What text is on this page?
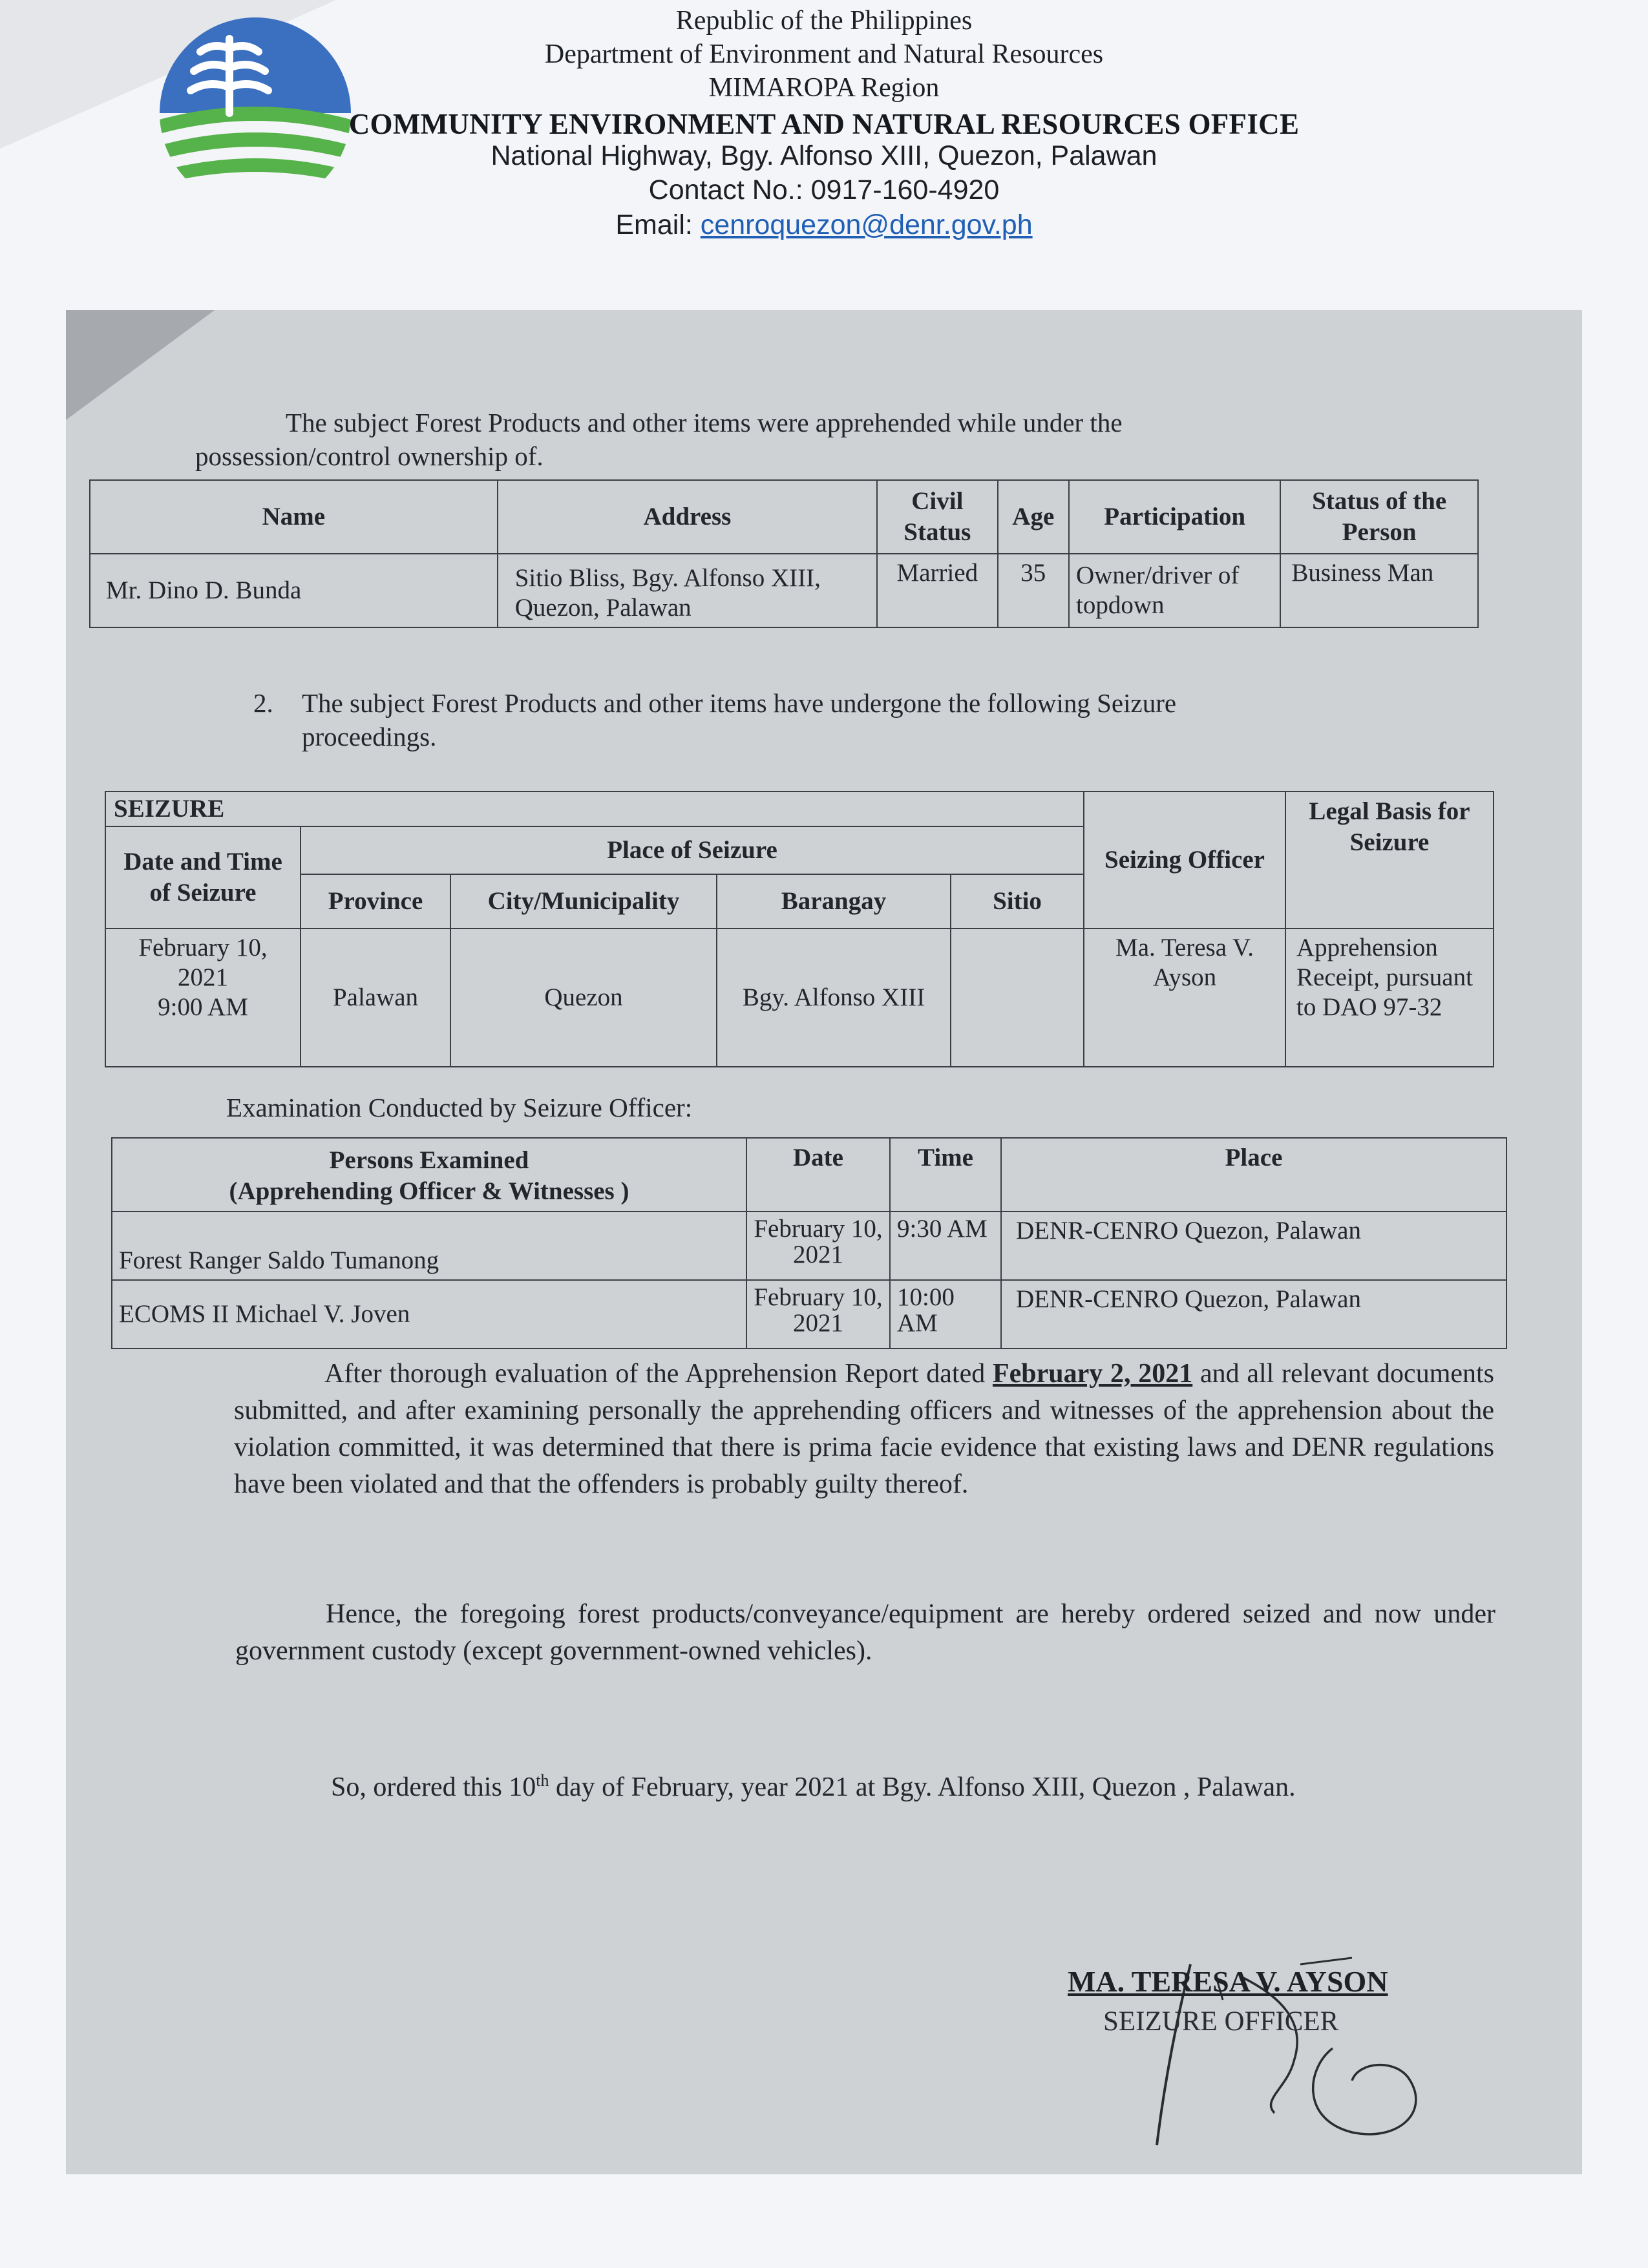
Republic of the Philippines
Department of Environment and Natural Resources
MIMAROPA Region
COMMUNITY ENVIRONMENT AND NATURAL RESOURCES OFFICE
National Highway, Bgy. Alfonso XIII, Quezon, Palawan
Contact No.: 0917-160-4920
Email: cenroquezon@denr.gov.ph
The subject Forest Products and other items were apprehended while under the
possession/control ownership of.
Name	Address	Civil Status	Age	Participation	Status of the Person
Mr. Dino D. Bunda	Sitio Bliss, Bgy. Alfonso XIII, Quezon, Palawan	Married	35	Owner/driver of topdown	Business Man
2. The subject Forest Products and other items have undergone the following Seizure
proceedings.
SEIZURE					Seizing Officer	Legal Basis for Seizure
Date and Time of Seizure	Place of Seizure					
	Province	City/Municipality	Barangay	Sitio		

February 10,
2021
9:00 AM	Palawan	Quezon	Bgy. Alfonso XIII		Ma. Teresa V. Ayson	Apprehension Receipt, pursuant to DAO 97-32
Examination Conducted by Seizure Officer:
Persons Examined
(Apprehending Officer & Witnesses )	Date	Time	Place
Forest Ranger Saldo Tumanong	February 10, 2021	9:30 AM	DENR-CENRO Quezon, Palawan
ECOMS II Michael V. Joven	February 10, 2021	10:00 AM	DENR-CENRO Quezon, Palawan

After thorough evaluation of the Apprehension Report dated February 2, 2021 and all relevant documents submitted, and after examining personally the apprehending officers and witnesses of the apprehension about the violation committed, it was determined that there is prima facie evidence that existing laws and DENR regulations have been violated and that the offenders is probably guilty thereof.

Hence, the foregoing forest products/conveyance/equipment are hereby ordered seized and now under government custody (except government-owned vehicles).

So, ordered this 10th day of February, year 2021 at Bgy. Alfonso XIII, Quezon , Palawan.
MA. TERESA V. AYSON
SEIZURE OFFICER
